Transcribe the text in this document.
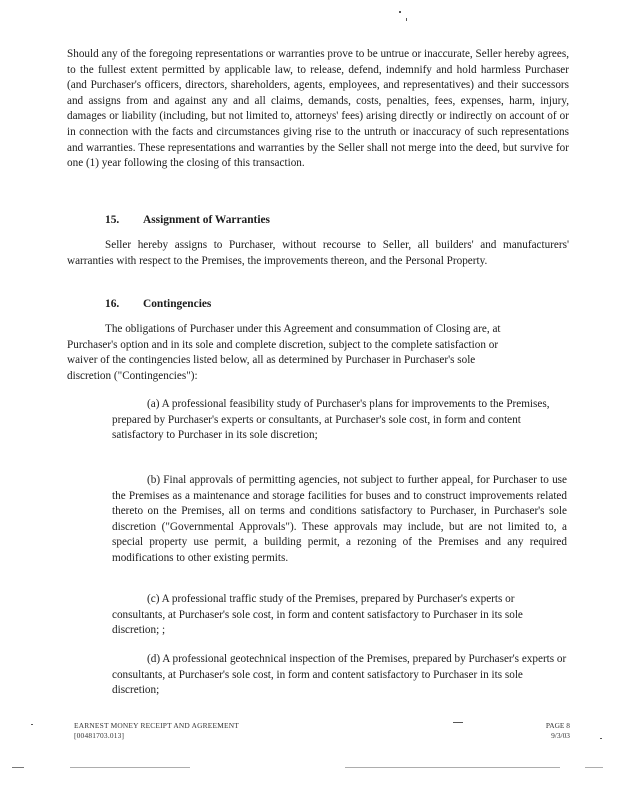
Should any of the foregoing representations or warranties prove to be untrue or inaccurate, Seller hereby agrees, to the fullest extent permitted by applicable law, to release, defend, indemnify and hold harmless Purchaser (and Purchaser's officers, directors, shareholders, agents, employees, and representatives) and their successors and assigns from and against any and all claims, demands, costs, penalties, fees, expenses, harm, injury, damages or liability (including, but not limited to, attorneys' fees) arising directly or indirectly on account of or in connection with the facts and circumstances giving rise to the untruth or inaccuracy of such representations and warranties. These representations and warranties by the Seller shall not merge into the deed, but survive for one (1) year following the closing of this transaction.

15. Assignment of Warranties

Seller hereby assigns to Purchaser, without recourse to Seller, all builders' and manufacturers' warranties with respect to the Premises, the improvements thereon, and the Personal Property.

16. Contingencies

The obligations of Purchaser under this Agreement and consummation of Closing are, at Purchaser's option and in its sole and complete discretion, subject to the complete satisfaction or waiver of the contingencies listed below, all as determined by Purchaser in Purchaser's sole discretion ("Contingencies"):

(a) A professional feasibility study of Purchaser's plans for improvements to the Premises, prepared by Purchaser's experts or consultants, at Purchaser's sole cost, in form and content satisfactory to Purchaser in its sole discretion;

(b) Final approvals of permitting agencies, not subject to further appeal, for Purchaser to use the Premises as a maintenance and storage facilities for buses and to construct improvements related thereto on the Premises, all on terms and conditions satisfactory to Purchaser, in Purchaser's sole discretion ("Governmental Approvals"). These approvals may include, but are not limited to, a special property use permit, a building permit, a rezoning of the Premises and any required modifications to other existing permits.

(c) A professional traffic study of the Premises, prepared by Purchaser's experts or consultants, at Purchaser's sole cost, in form and content satisfactory to Purchaser in its sole discretion; ;

(d) A professional geotechnical inspection of the Premises, prepared by Purchaser's experts or consultants, at Purchaser's sole cost, in form and content satisfactory to Purchaser in its sole discretion;

EARNEST MONEY RECEIPT AND AGREEMENT
[00481703.013]
PAGE 8
9/3/03
